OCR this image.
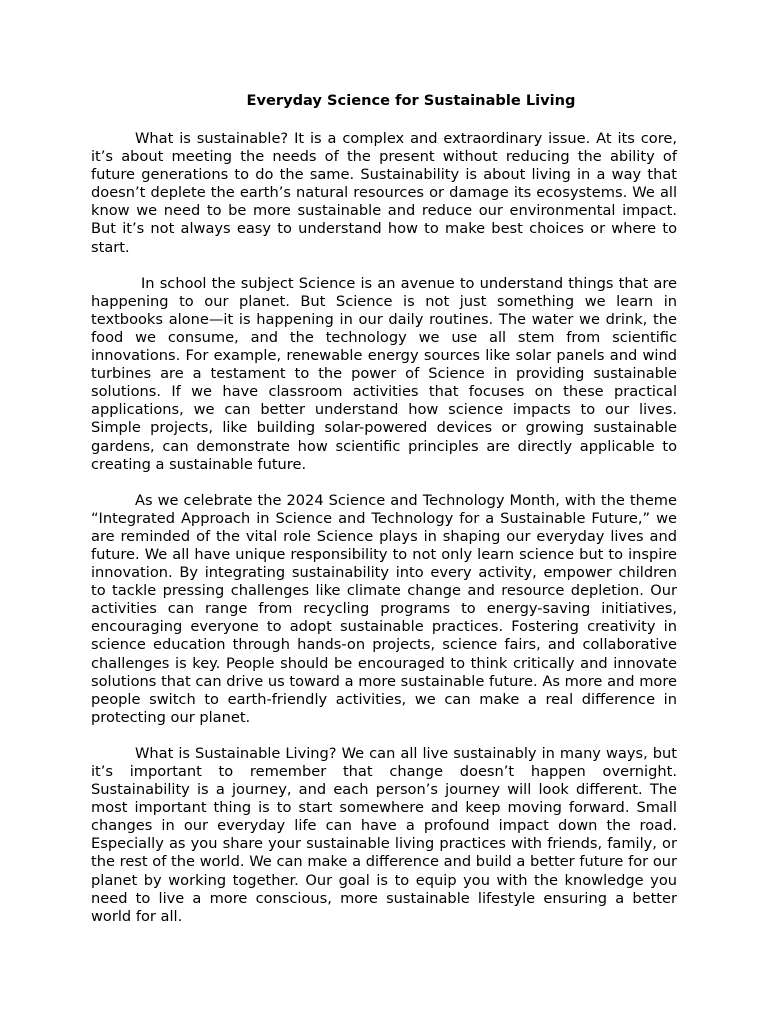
Everyday Science for Sustainable Living

What is sustainable? It is a complex and extraordinary issue. At its core, it’s about meeting the needs of the present without reducing the ability of future generations to do the same. Sustainability is about living in a way that doesn’t deplete the earth’s natural resources or damage its ecosystems. We all know we need to be more sustainable and reduce our environmental impact. But it’s not always easy to understand how to make best choices or where to start.

In school the subject Science is an avenue to understand things that are happening to our planet. But Science is not just something we learn in textbooks alone—it is happening in our daily routines. The water we drink, the food we consume, and the technology we use all stem from scientific innovations. For example, renewable energy sources like solar panels and wind turbines are a testament to the power of Science in providing sustainable solutions. If we have classroom activities that focuses on these practical applications, we can better understand how science impacts to our lives. Simple projects, like building solar-powered devices or growing sustainable gardens, can demonstrate how scientific principles are directly applicable to creating a sustainable future.

As we celebrate the 2024 Science and Technology Month, with the theme “Integrated Approach in Science and Technology for a Sustainable Future,” we are reminded of the vital role Science plays in shaping our everyday lives and future. We all have unique responsibility to not only learn science but to inspire innovation. By integrating sustainability into every activity, empower children to tackle pressing challenges like climate change and resource depletion. Our activities can range from recycling programs to energy-saving initiatives, encouraging everyone to adopt sustainable practices. Fostering creativity in science education through hands-on projects, science fairs, and collaborative challenges is key. People should be encouraged to think critically and innovate solutions that can drive us toward a more sustainable future. As more and more people switch to earth-friendly activities, we can make a real difference in protecting our planet.

What is Sustainable Living? We can all live sustainably in many ways, but it’s important to remember that change doesn’t happen overnight. Sustainability is a journey, and each person’s journey will look different. The most important thing is to start somewhere and keep moving forward. Small changes in our everyday life can have a profound impact down the road. Especially as you share your sustainable living practices with friends, family, or the rest of the world. We can make a difference and build a better future for our planet by working together. Our goal is to equip you with the knowledge you need to live a more conscious, more sustainable lifestyle ensuring a better world for all.
